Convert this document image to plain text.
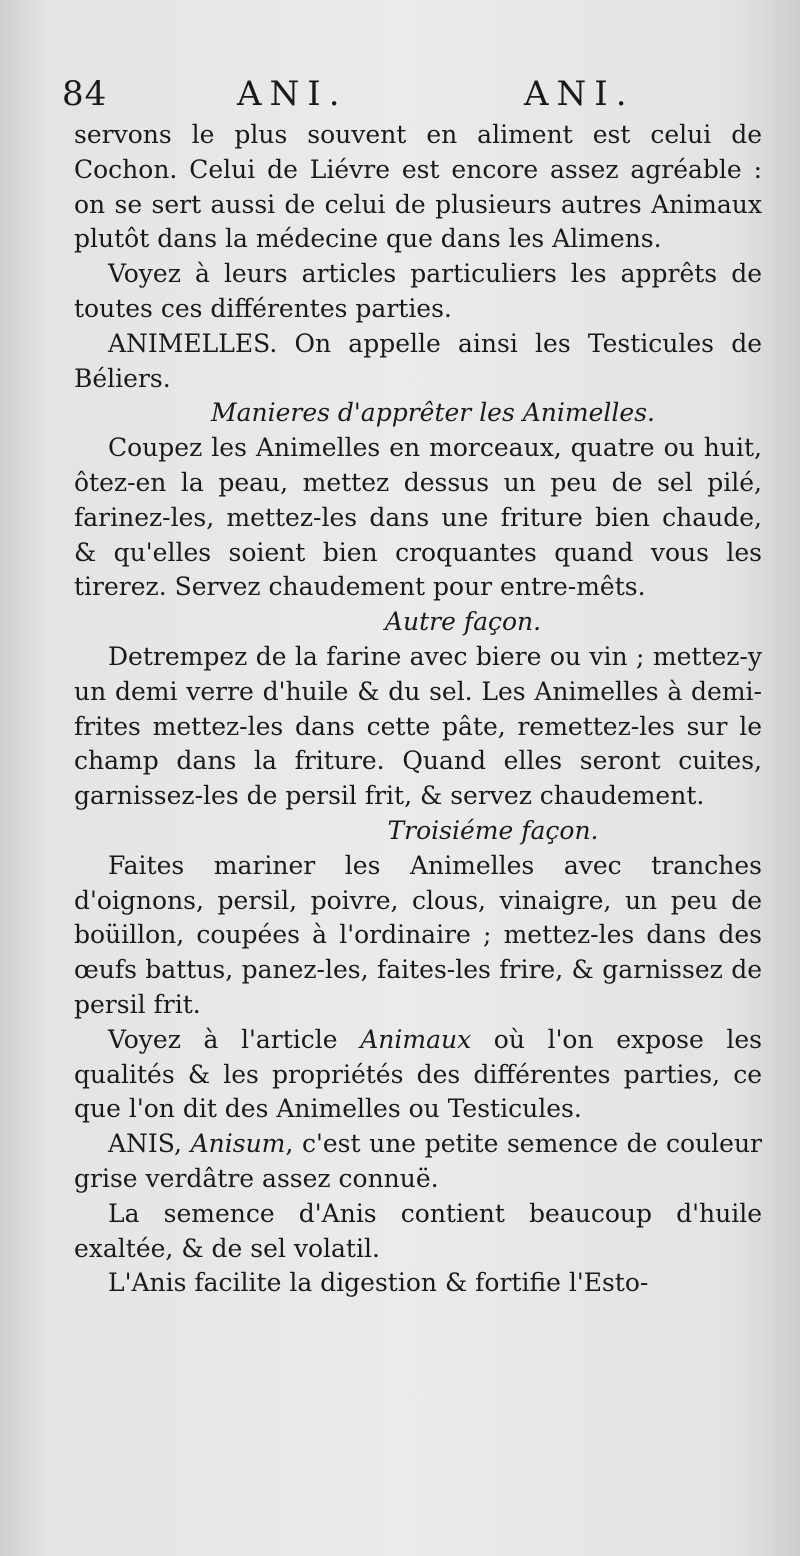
84	ANI.	ANI.

servons le plus souvent en aliment est celui de Cochon. Celui de Liévre est encore assez agréable : on se sert aussi de celui de plusieurs autres Animaux plutôt dans la médecine que dans les Alimens.

Voyez à leurs articles particuliers les apprêts de toutes ces différentes parties.

ANIMELLES. On appelle ainsi les Testicules de Béliers.

Manieres d'apprêter les Animelles.

Coupez les Animelles en morceaux, quatre ou huit, ôtez-en la peau, mettez dessus un peu de sel pilé, farinez-les, mettez-les dans une friture bien chaude, & qu'elles soient bien croquantes quand vous les tirerez. Servez chaudement pour entre-mêts.

Autre façon.

Detrempez de la farine avec biere ou vin ; mettez-y un demi verre d'huile & du sel. Les Animelles à demi-frites mettez-les dans cette pâte, remettez-les sur le champ dans la friture. Quand elles seront cuites, garnissez-les de persil frit, & servez chaudement.

Troisiéme façon.

Faites mariner les Animelles avec tranches d'oignons, persil, poivre, clous, vinaigre, un peu de boüillon, coupées à l'ordinaire ; mettez-les dans des œufs battus, panez-les, faites-les frire, & garnissez de persil frit.

Voyez à l'article Animaux où l'on expose les qualités & les propriétés des différentes parties, ce que l'on dit des Animelles ou Testicules.

ANIS, Anisum, c'est une petite semence de couleur grise verdâtre assez connuë.

La semence d'Anis contient beaucoup d'huile exaltée, & de sel volatil.

L'Anis facilite la digestion & fortifie l'Esto-
